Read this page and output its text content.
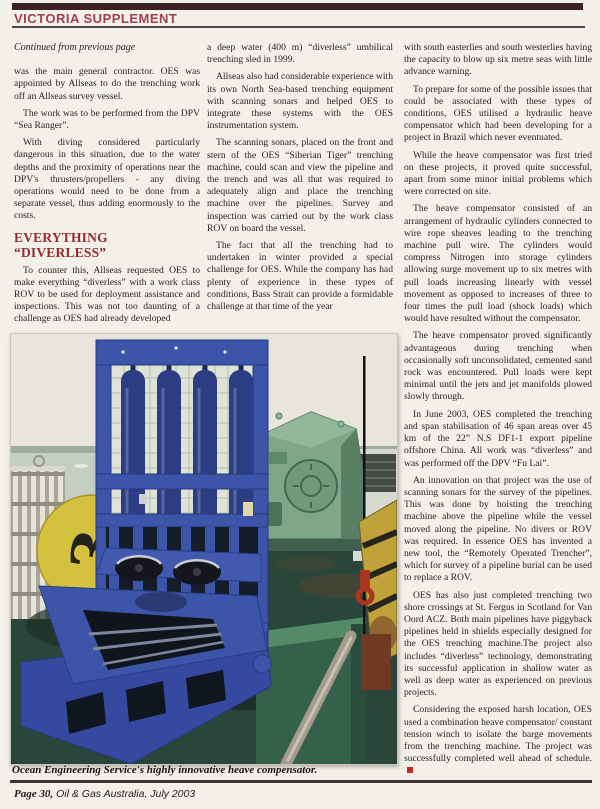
VICTORIA SUPPLEMENT

Continued from previous page

was the main general contractor. OES was appointed by Allseas to do the trenching work off an Allseas survey vessel.

The work was to be performed from the DPV “Sea Ranger”.

With diving considered particularly dangerous in this situation, due to the water depths and the proximity of operations near the DPV's thrusters/propellers - any diving operations would need to be done from a separate vessel, thus adding enormously to the costs.

EVERYTHING “DIVERLESS”

To counter this, Allseas requested OES to make everything “diverless” with a work class ROV to be used for deployment assistance and inspections. This was not too daunting of a challenge as OES had already developed

a deep water (400 m) “diverless” umbilical trenching sled in 1999.

Allseas also had considerable experience with its own North Sea-based trenching equipment with scanning sonars and helped OES to integrate these systems with the OES instrumentation system.

The scanning sonars, placed on the front and stern of the OES “Siberian Tiger” trenching machine, could scan and view the pipeline and the trench and was all that was required to adequately align and place the trenching machine over the pipelines. Survey and inspection was carried out by the work class ROV on board the vessel.

The fact that all the trenching had to undertaken in winter provided a special challenge for OES. While the company has had plenty of experience in these types of conditions, Bass Strait can provide a formidable challenge at that time of the year

with south easterlies and south westerlies having the capacity to blow up six metre seas with little advance warning.

To prepare for some of the possible issues that could be associated with these types of conditions, OES utilised a hydraulic heave compensator which had been developing for a project in Brazil which never eventuated.

While the heave compensator was first tried on these projects, it proved quite successful, apart from some minor initial problems which were corrected on site.

The heave compensator consisted of an arrangement of hydraulic cylinders connected to wire rope sheaves leading to the trenching machine pull wire. The cylinders would compress Nitrogen into storage cylinders allowing surge movement up to six metres with pull loads increasing linearly with vessel movement as opposed to increases of three to four times the pull load (shock loads) which would have resulted without the compensator.

The heave compensator proved significantly advantageous during trenching when occasionally soft unconsolidated, cemented sand rock was encountered. Pull loads were kept minimal until the jets and jet manifolds plowed slowly through.

In June 2003, OES completed the trenching and span stabilisation of 46 span areas over 45 km of the 22” N.S DF1-1 export pipeline offshore China. All work was “diverless” and was performed off the DPV “Fu Lai”.

An innovation on that project was the use of scanning sonars for the survey of the pipelines. This was done by hoisting the trenching machine above the pipeline while the vessel moved along the pipeline. No divers or ROV was required. In essence OES has invented a new tool, the “Remotely Operated Trencher”, which for survey of a pipeline burial can be used to replace a ROV.

OES has also just completed trenching two shore crossings at St. Fergus in Scotland for Van Oord ACZ. Both main pipelines have piggyback pipelines held in shields especially designed for the OES trenching machine.The project also includes “diverless” technology, demonstrating its successful application in shallow water as well as deep water as experienced on previous projects.

Considering the exposed harsh location, OES used a combination heave compensator/ constant tension winch to isolate the barge movements from the trenching machine. The project was successfully completed well ahead of schedule.

Ocean Engineering Service's highly innovative heave compensator.
Page 30, Oil & Gas Australia, July 2003
